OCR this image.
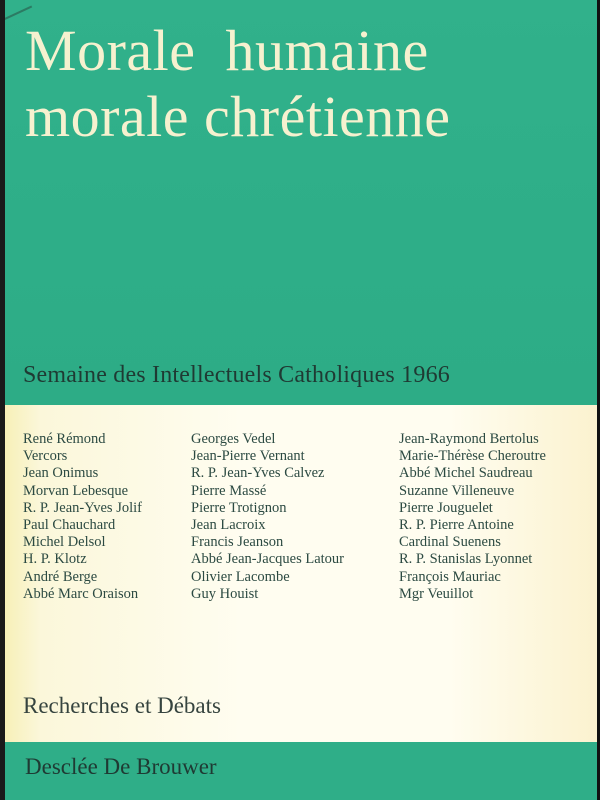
Morale  humaine
morale chrétienne
Semaine des Intellectuels Catholiques 1966
René Rémond
Vercors
Jean Onimus
Morvan Lebesque
R. P. Jean-Yves Jolif
Paul Chauchard
Michel Delsol
H. P. Klotz
André Berge
Abbé Marc Oraison
Georges Vedel
Jean-Pierre Vernant
R. P. Jean-Yves Calvez
Pierre Massé
Pierre Trotignon
Jean Lacroix
Francis Jeanson
Abbé Jean-Jacques Latour
Olivier Lacombe
Guy Houist
Jean-Raymond Bertolus
Marie-Thérèse Cheroutre
Abbé Michel Saudreau
Suzanne Villeneuve
Pierre Jouguelet
R. P. Pierre Antoine
Cardinal Suenens
R. P. Stanislas Lyonnet
François Mauriac
Mgr Veuillot
Recherches et Débats
Desclée De Brouwer
